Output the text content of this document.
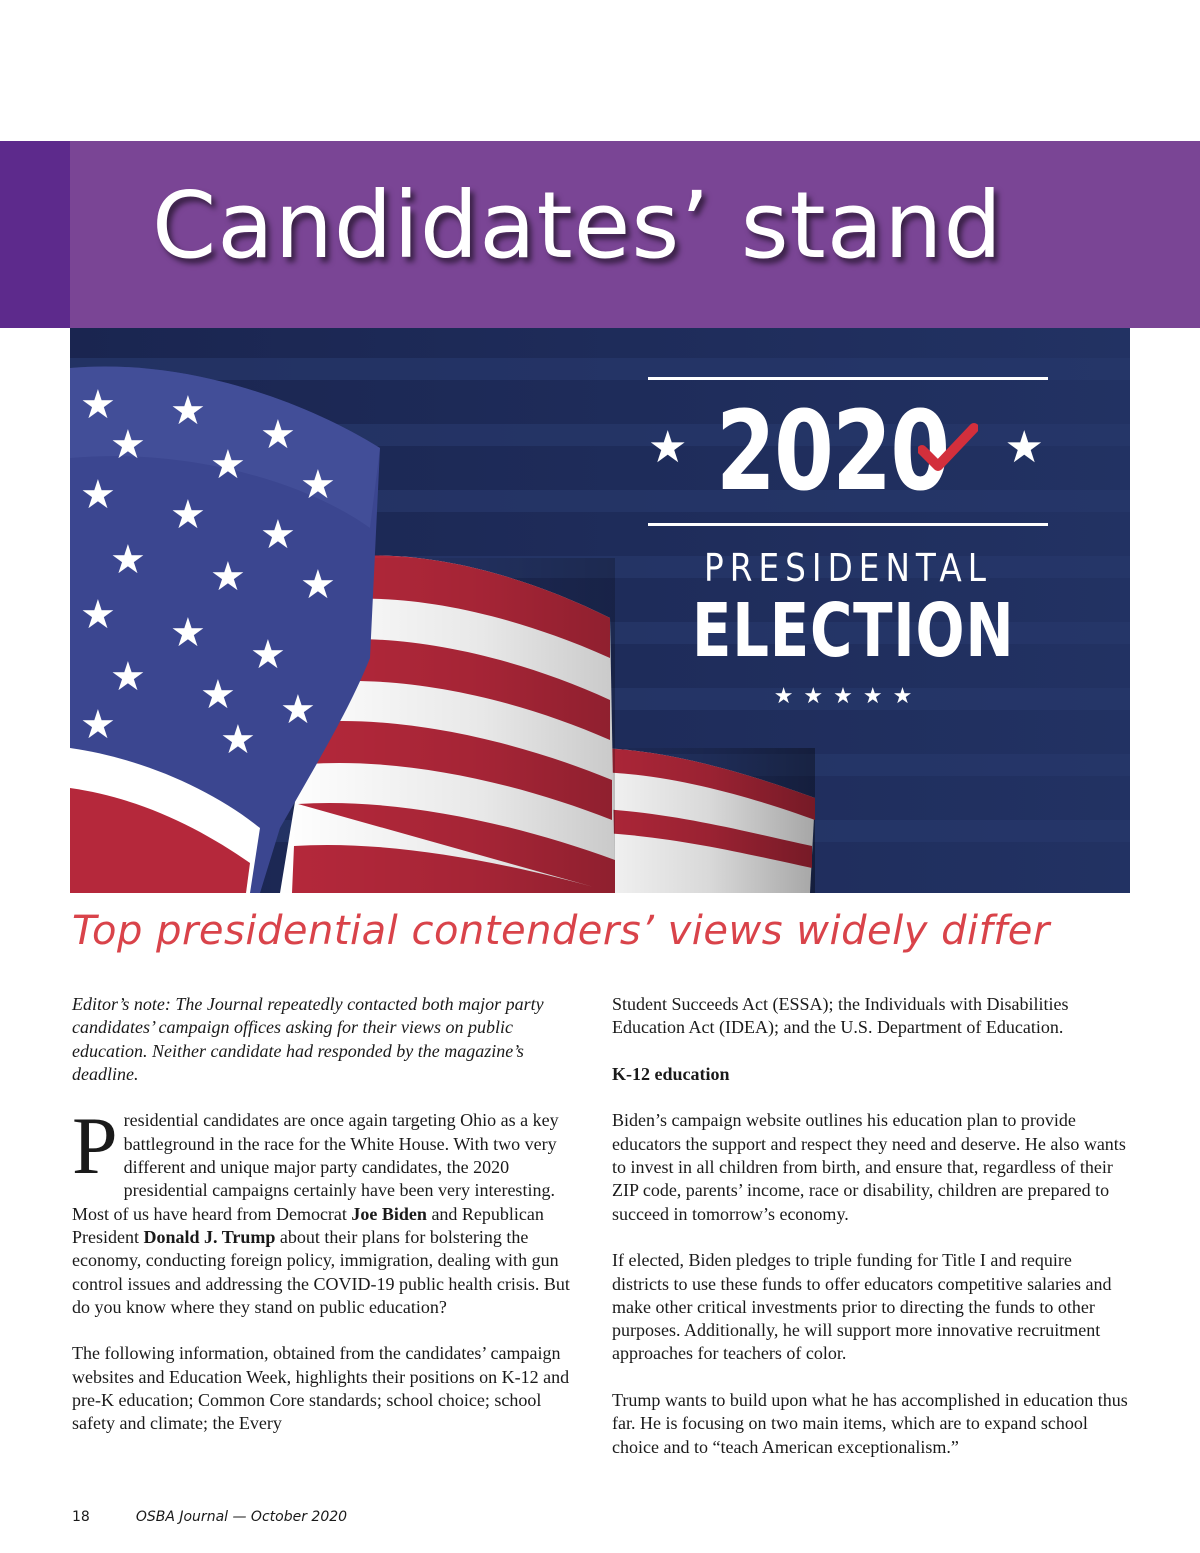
Candidates’ stand
★ ★
★
★ ★ ★
★ ★ ★
★ ★ ★
★ ★ ★
★ ★ ★
★	★
★ 2020 ★
PRESIDENTAL
ELECTION
★★★★★
Top presidential contenders’ views widely differ

Editor’s note: The Journal repeatedly contacted both major party candidates’ campaign offices asking for their views on public education. Neither candidate had responded by the magazine’s deadline.

Presidential candidates are once again targeting Ohio as a key battleground in the race for the White House. With two very different and unique major party candidates, the 2020 presidential campaigns certainly have been very interesting. Most of us have heard from Democrat Joe Biden and Republican President Donald J. Trump about their plans for bolstering the economy, conducting foreign policy, immigration, dealing with gun control issues and addressing the COVID-19 public health crisis. But do you know where they stand on public education?

The following information, obtained from the candidates’ campaign websites and Education Week, highlights their positions on K-12 and pre-K education; Common Core standards; school choice; school safety and climate; the Every

Student Succeeds Act (ESSA); the Individuals with Disabilities Education Act (IDEA); and the U.S. Department of Education.

K-12 education

Biden’s campaign website outlines his education plan to provide educators the support and respect they need and deserve. He also wants to invest in all children from birth, and ensure that, regardless of their ZIP code, parents’ income, race or disability, children are prepared to succeed in tomorrow’s economy.

If elected, Biden pledges to triple funding for Title I and require districts to use these funds to offer educators competitive salaries and make other critical investments prior to directing the funds to other purposes. Additionally, he will support more innovative recruitment approaches for teachers of color.

Trump wants to build upon what he has accomplished in education thus far. He is focusing on two main items, which are to expand school choice and to “teach American exceptionalism.”

18	OSBA Journal — October 2020
